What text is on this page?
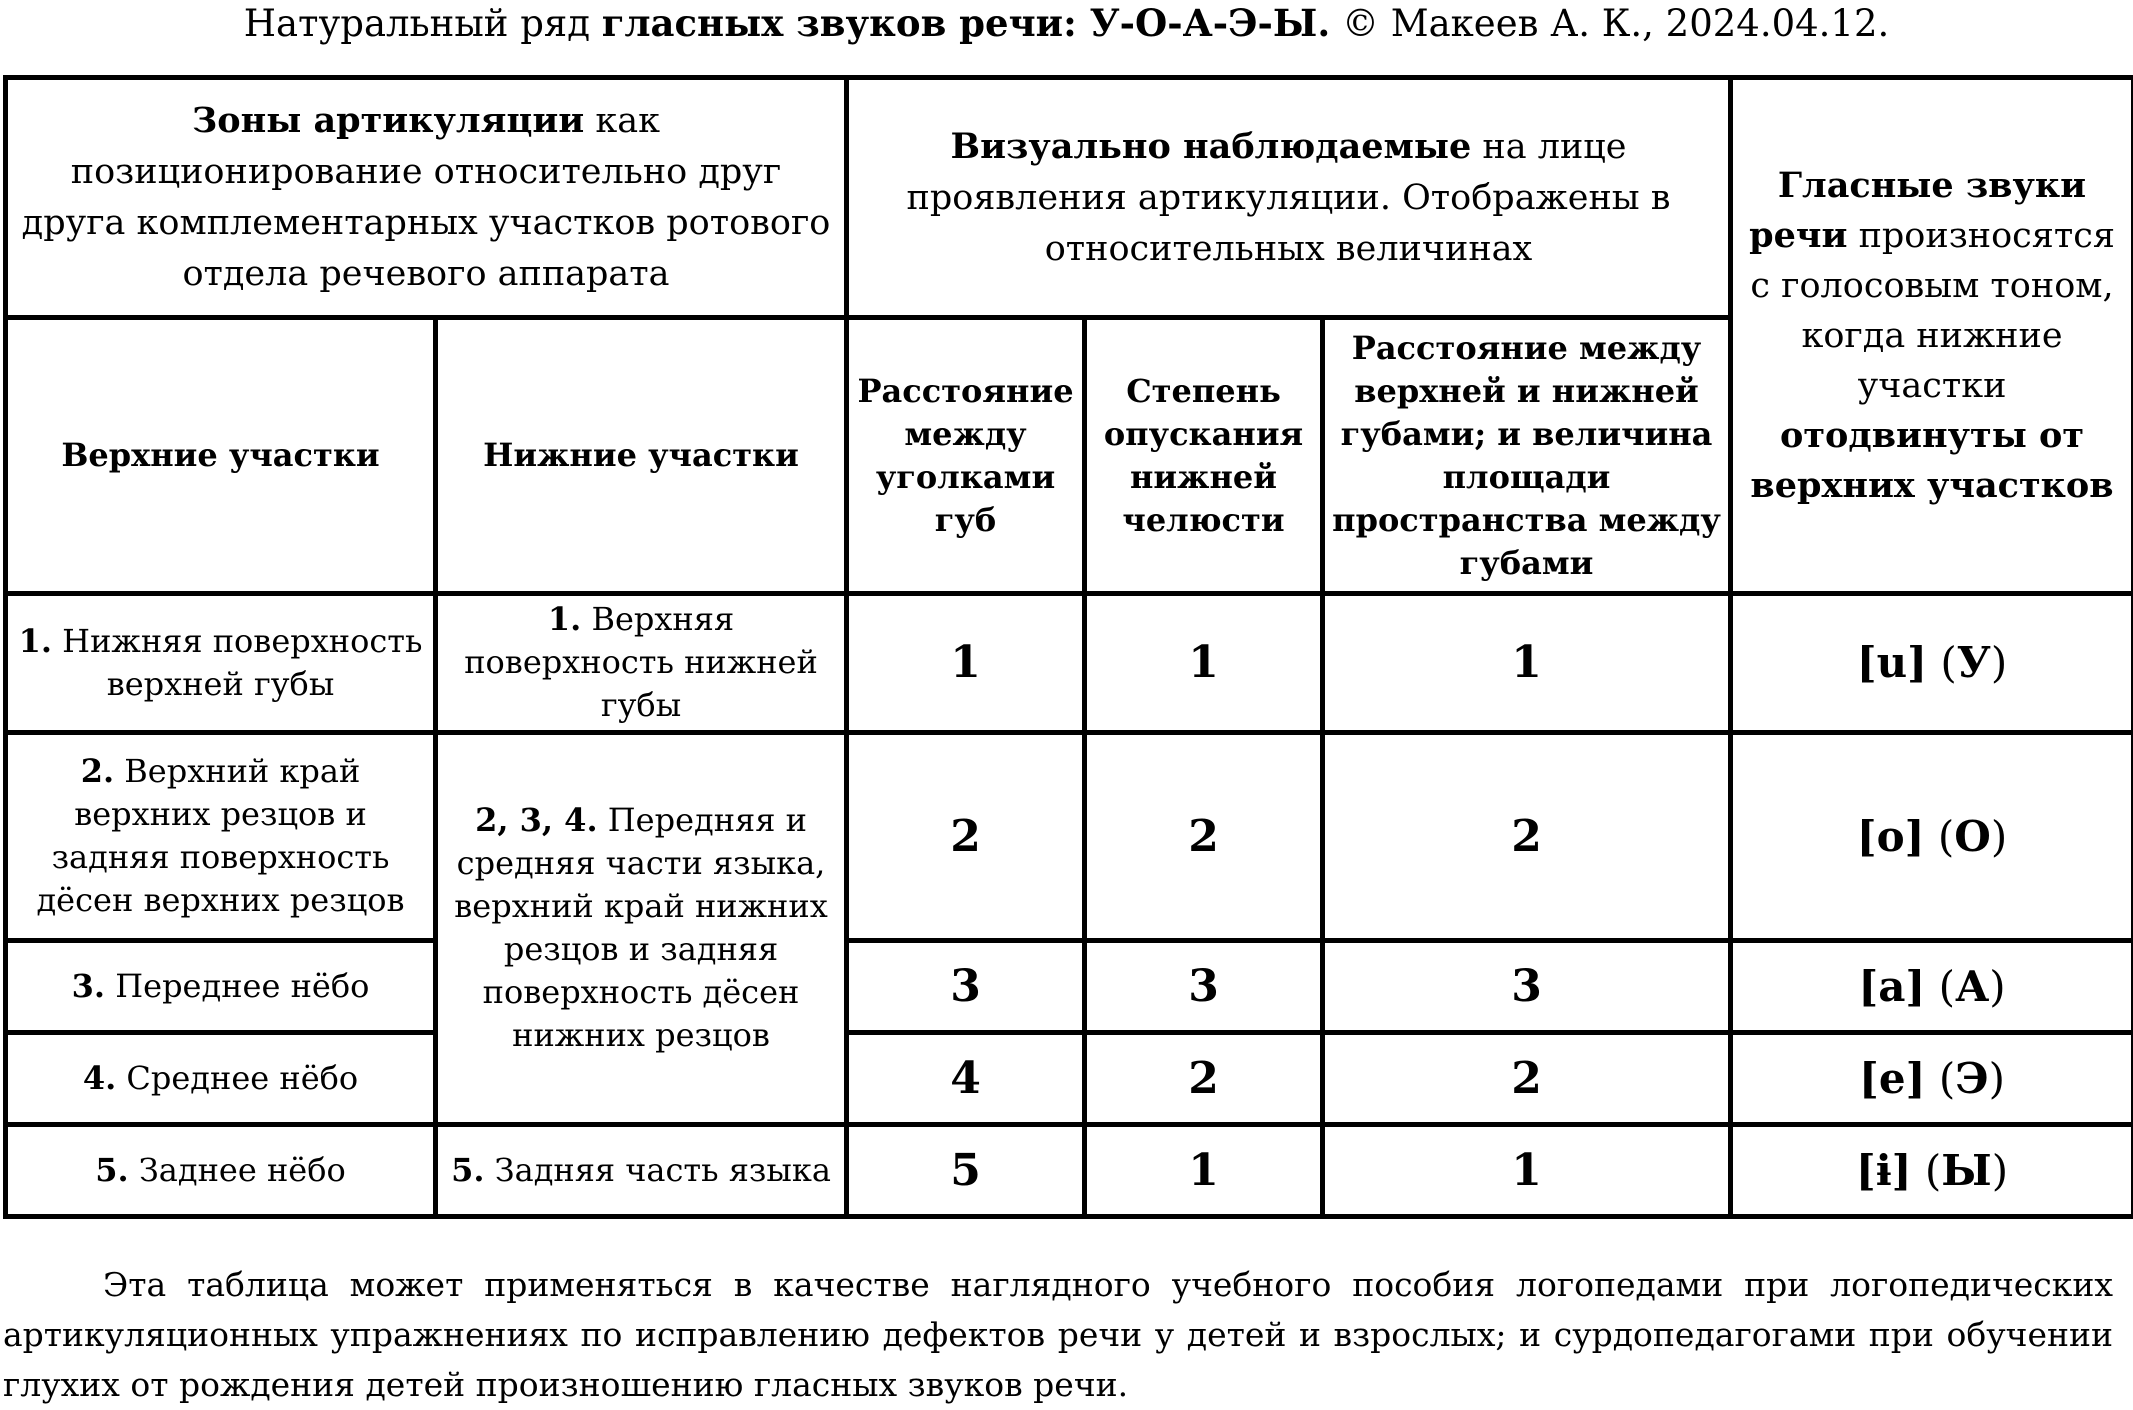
Натуральный ряд гласных звуков речи: У-О-А-Э-Ы. © Макеев А. К., 2024.04.12.
Зоны артикуляции как позиционирование относительно друг друга комплементарных участков ротового отдела речевого аппарата		Визуально наблюдаемые на лице проявления артикуляции. Отображены в относительных величинах			Гласные звуки речи произносятся с голосовым тоном, когда нижние участки отодвинуты от верхних участков
Верхние участки	Нижние участки	Расстояние между уголками губ	Степень опускания нижней челюсти	Расстояние между верхней и нижней губами; и величина площади пространства между губами	
1. Нижняя поверхность верхней губы	1. Верхняя поверхность нижней губы	1	1	1	[u] (У)
2. Верхний край верхних резцов и задняя поверхность дёсен верхних резцов	2, 3, 4. Передняя и средняя части языка, верхний край нижних резцов и задняя поверхность дёсен нижних резцов	2	2	2	[o] (О)
3. Переднее нёбо		3	3	3	[a] (А)
4. Среднее нёбо		4	2	2	[e] (Э)
5. Заднее нёбо	5. Задняя часть языка	5	1	1	[ɨ] (Ы)

Эта таблица может применяться в качестве наглядного учебного пособия логопедами при логопедических артикуляционных упражнениях по исправлению дефектов речи у детей и взрослых; и сурдопедагогами при обучении глухих от рождения детей произношению гласных звуков речи.
